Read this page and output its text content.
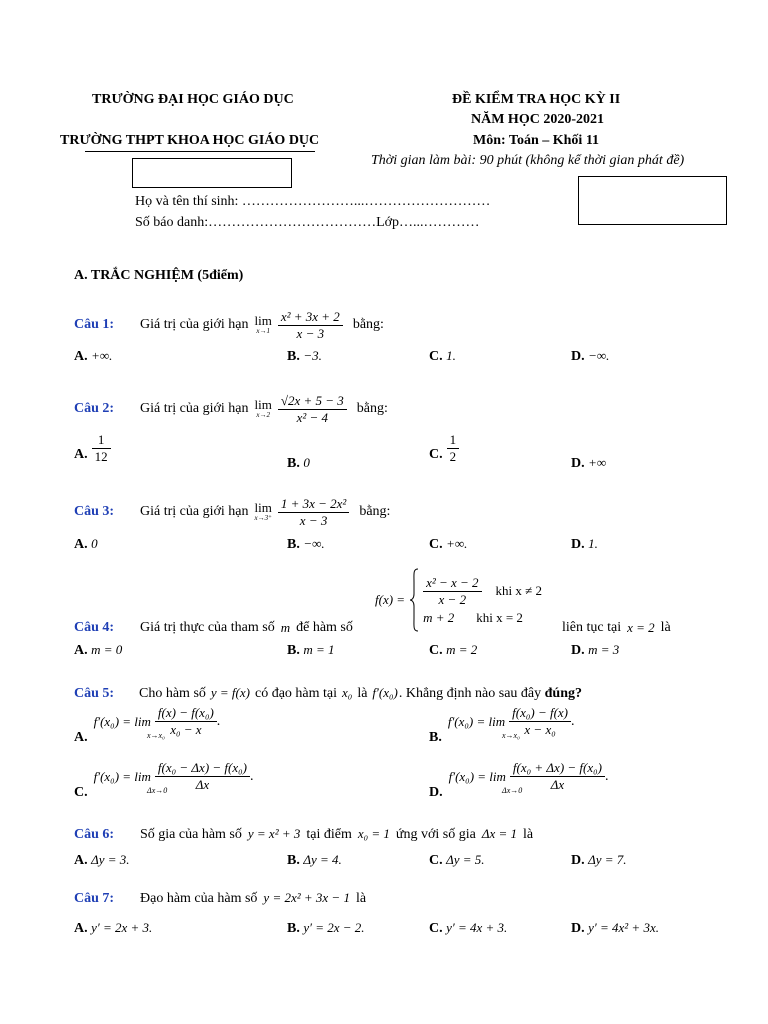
TRƯỜNG ĐẠI HỌC GIÁO DỤC
TRƯỜNG THPT KHOA HỌC GIÁO DỤC
ĐỀ KIỂM TRA HỌC KỲ II
NĂM HỌC 2020-2021
Môn: Toán – Khối 11
Thời gian làm bài: 90 phút (không kể thời gian phát đề)
Họ và tên thí sinh: ……………………...………………………
Số báo danh:………………………………Lớp…...…………
A. TRẮC NGHIỆM (5điểm)
Câu 1:	Giá trị của giới hạn lim
$x\to 1 \frac{\text{x² + 3x + 2}}{x - 3}$ bằng:
A. +∞.	B. −3.	C. 1.	D. −∞.
Câu 2:	Giá trị của giới hạn lim
$x\to 2 \frac{√2x + 5 - 3}{\text{x² − 4}}$ bằng:
A. $\frac{1}{12}$	B. 0
C. $\frac{1}{2}$	D. +∞
Câu 3:	Giá trị của giới hạn lim
$x\to 3^+ \frac{\text{1 + 3x − 2x²}}{x - 3}$ bằng:
A. 0	B. −∞.	C. +∞.	D. 1.
Câu 4:	Giá trị thực của tham số m để hàm số
$f(x) = \frac{\text{x² − x − 2}}{x - 2}$ khi x ≠ 2
m + 2 khi x = 2
liên tục tại x = 2 là
A. m = 0	B. m = 1	C. m = 2	D. m = 3
Câu 5:	Cho hàm số y = f(x) có đạo hàm tại x₀ là f′(x₀) . Khẳng định nào sau đây đúng?
A.
$f'(x_0) = \lim \frac{\text{f(x) − f(x₀)}}{\text{x₀ − x}}$ .
x→x₀	B.
$f'(x_0) = \lim \frac{\text{f(x₀) − f(x)}}{\text{x − x₀}}$ .
x→x₀
C.
$f'(x_0) = \lim \frac{\text{f(x₀ − Δx) − f(x₀)}}{\Delta x}$ .
Δx→0	D.
$f'(x_0) = \lim \frac{\text{f(x₀ + Δx) − f(x₀)}}{\Delta x}$ .
Δx→0
Câu 6:	Số gia của hàm số y = x² + 3 tại điểm x₀ = 1 ứng với số gia Δx = 1 là
A. Δy = 3.	B. Δy = 4.	C. Δy = 5.	D. Δy = 7.
Câu 7:	Đạo hàm của hàm số y = 2x² + 3x − 1 là
A. y′ = 2x + 3.	B. y′ = 2x − 2.	C. y′ = 4x + 3.	D. y′ = 4x² + 3x.
